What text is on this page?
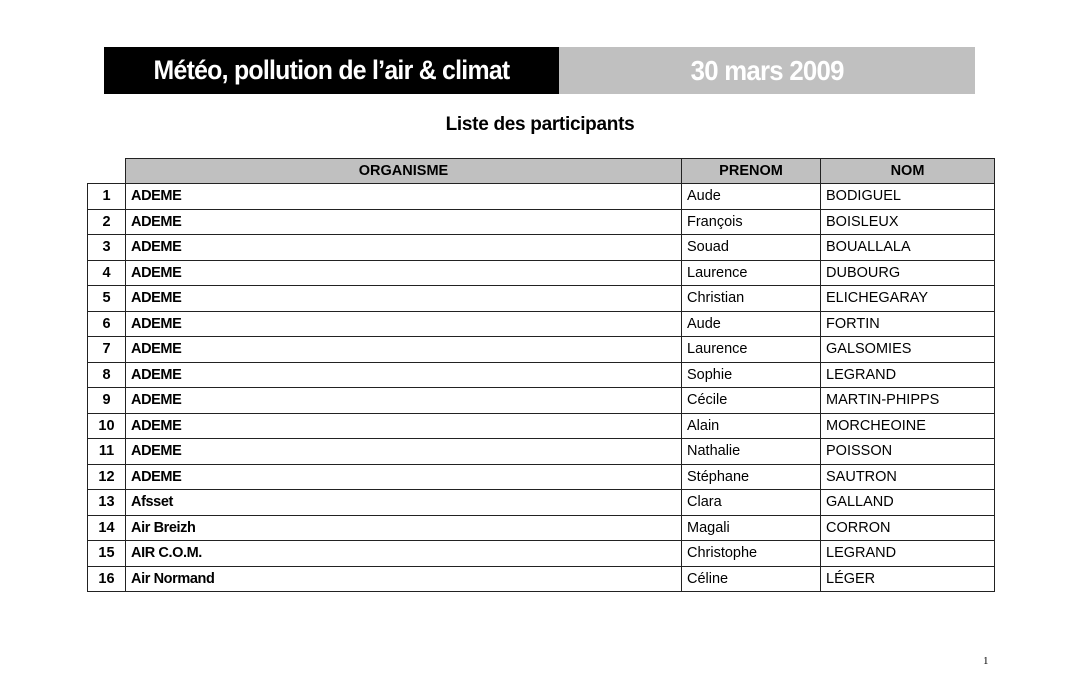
Météo, pollution de l’air & climat	30 mars 2009
Liste des participants
	ORGANISME	PRENOM	NOM
1	ADEME	Aude	BODIGUEL
2	ADEME	François	BOISLEUX
3	ADEME	Souad	BOUALLALA
4	ADEME	Laurence	DUBOURG
5	ADEME	Christian	ELICHEGARAY
6	ADEME	Aude	FORTIN
7	ADEME	Laurence	GALSOMIES
8	ADEME	Sophie	LEGRAND
9	ADEME	Cécile	MARTIN-PHIPPS
10	ADEME	Alain	MORCHEOINE
11	ADEME	Nathalie	POISSON
12	ADEME	Stéphane	SAUTRON
13	Afsset	Clara	GALLAND
14	Air Breizh	Magali	CORRON
15	AIR C.O.M.	Christophe	LEGRAND
16	Air Normand	Céline	LÉGER
1
